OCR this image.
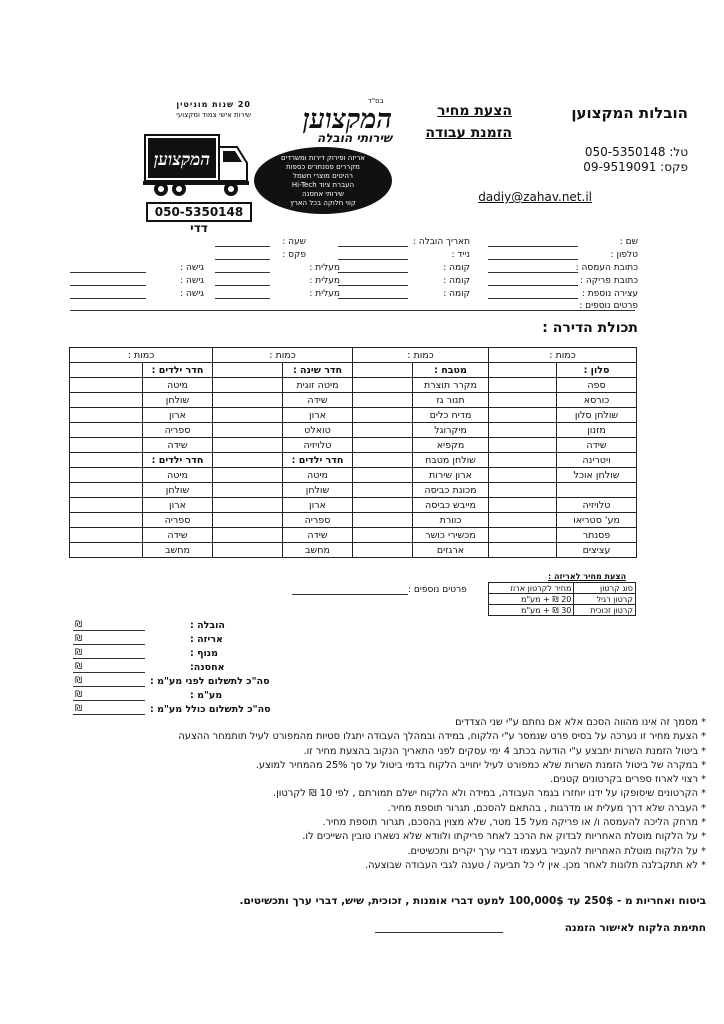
הובלות המקצוען
הצעת מחיר
הזמנת עבודה
טל: 050-5350148
פקס: 09-9519091
dadiy@zahav.net.il
20 שנות מוניטין
שירות אישי צמוד ומקצועי
בס"ד
המקצוען
שירותי הובלה
המקצוען	אריזה ופירוק דירות ומשרדים
מקררים פסנתרים כספות
רהיטים מוצרי חשמל
העברת ציוד Hi-Tech
שירותי אחסנה
קווי חלוקה בכל הארץ
050-5350148 דדי
שם :
תאריך הובלה :
שעה :
טלפון :
נייד :
פקס :
כתובת העמסה :
קומה :
מעלית :
גישה :
כתובת פריקה :
קומה :
מעלית :
גישה :
עצירה נוספת :
קומה :
מעלית :
גישה :
פרטים נוספים :
תכולת הדירה :
כמות :		כמות :		כמות :		כמות :	
סלון :		מטבח :		חדר שינה :		חדר ילדים :	
ספה		מקרר תוצרת		מיטה זוגית		מיטה	
כורסא		תנור גז		שידה		שולחן	
שולחן סלון		מדיח כלים		ארון		ארון	
מזנון		מיקרוגל		טואלט		ספריה	
שידה		מקפיא		טלויזיה		שידה	
ויטרינה		שולחן מטבח		חדר ילדים :		חדר ילדים :	
שולחן אוכל		ארון שירות		מיטה		מיטה	
		מכונת כביסה		שולחן		שולחן	
טלויזיה		מייבש כביסה		ארון		ארון	
מע' סטריאו		כוורת		ספריה		ספריה	
פסנתר		מכשירי כושר		שידה		שידה	
עציצים		ארגזים		מחשב		מחשב	
הצעת מחיר לאריזה :
סוג קרטון	מחיר לקרטון ארוז
קרטון רגיל	20 ₪ + מע"מ
קרטון זכוכית	30 ₪ + מע"מ
פרטים נוספים :
הובלה :
₪
אריזה :
₪
מנוף :
₪
אחסנה:
₪
סה"כ לתשלום לפני מע"מ :
₪
מע"מ :
₪
סה"כ לתשלום כולל מע"מ :
₪
* מסמך זה אינו מהווה הסכם אלא אם נחתם ע"י שני הצדדים
* הצעת מחיר זו נערכה על בסיס פרט שנמסר ע"י הלקוח, במידה ובמהלך העבודה יתגלו סטיות מהמפורט לעיל תותמחר ההצעה
* ביטול הזמנת השרות יתבצע ע"י הודעה בכתב 4 ימי עסקים לפני התאריך הנקוב בהצעת מחיר זו.
* במקרה של ביטול הזמנת השרות שלא כמפורט לעיל יחוייב הלקוח בדמי ביטול על סך 25% מהמחיר למוצע.
* רצוי לארוז ספרים בקרטונים קטנים.
* הקרטונים שיסופקו על ידנו יוחזרו בגמר העבודה, במידה ולא הלקוח ישלם תמורתם , לפי 10 ₪ לקרטון.
* העברה שלא דרך מעלית או מדרגות , בהתאם להסכם, תגרור תוספת מחיר.
* מרחק הליכה להעמסה ו/ או פריקה מעל 15 מטר, שלא מצוין בהסכם, תגרור תוספת מחיר.
* על הלקוח מוטלת האחריות לבדוק את הרכב לאחר פריקתו ולוודא שלא נשארו טובין השייכים לו.
* על הלקוח מוטלת האחריות להעביר בעצמו דברי ערך יקרים ותכשיטים.
* לא תתקבלנה תלונות לאחר מכן. אין לי כל תביעה / טענה לגבי העבודה שבוצעה.
ביטוח ואחריות מ - 250$ עד 100,000$ למעט דברי אומנות , זכוכית, שיש, דברי ערך ותכשיטים.
חתימת הלקוח לאישור הזמנה
